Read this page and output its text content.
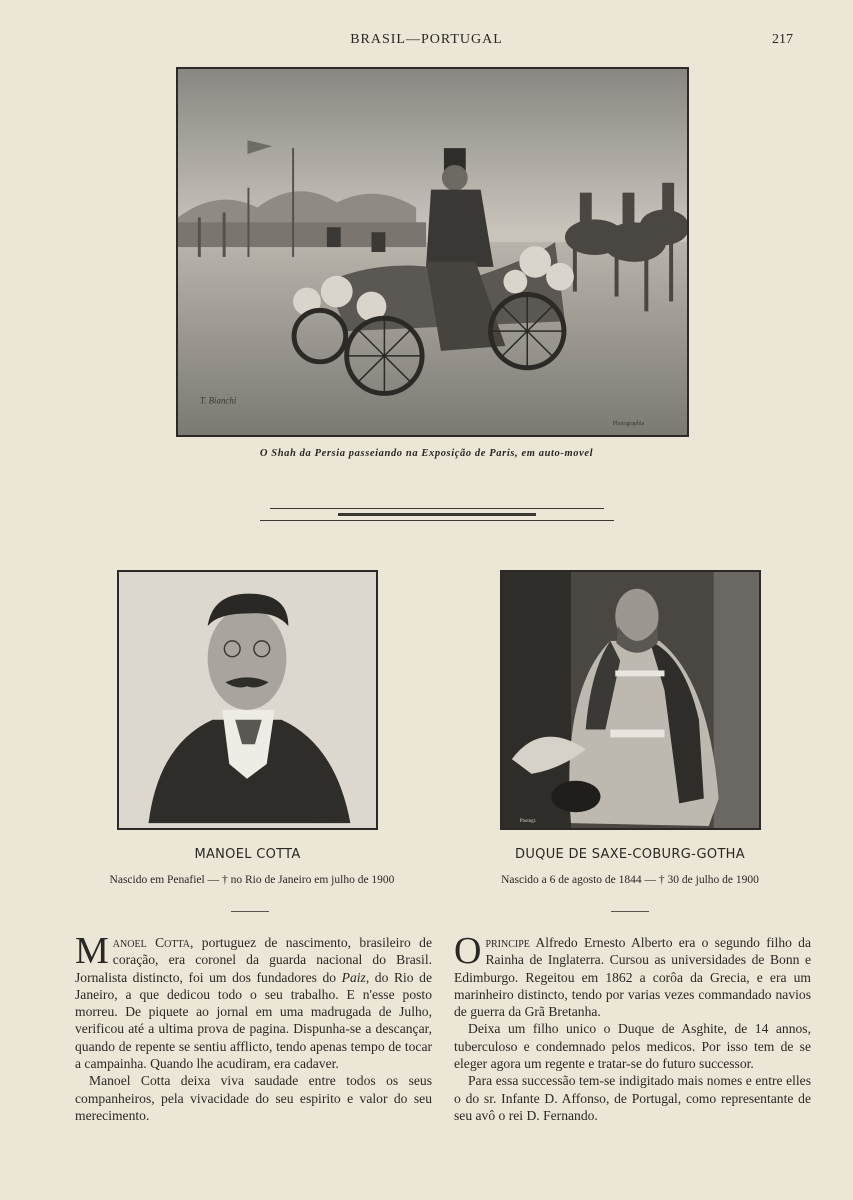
BRASIL—PORTUGAL	217
T. Bianchi
Photographia
O Shah da Persia passeiando na Exposição de Paris, em auto-movel
Photogr.	Photogr.
MANOEL COTTA
Nascido em Penafiel — † no Rio de Janeiro em julho de 1900
DUQUE DE SAXE-COBURG-GOTHA
Nascido a 6 de agosto de 1844 — † 30 de julho de 1900

Manoel Cotta, portuguez de nascimento, brasileiro de coração, era coronel da guarda nacional do Brasil. Jornalista distincto, foi um dos fundadores do Paiz, do Rio de Janeiro, a que dedicou todo o seu trabalho. E n'esse posto morreu. De piquete ao jornal em uma madrugada de Julho, verificou até a ultima prova de pagina. Dispunha-se a descançar, quando de repente se sentiu afflicto, tendo apenas tempo de tocar a campainha. Quando lhe acudiram, era cadaver.

Manoel Cotta deixa viva saudade entre todos os seus companheiros, pela vivacidade do seu espirito e valor do seu merecimento.

Oprincipe Alfredo Ernesto Alberto era o segundo filho da Rainha de Inglaterra. Cursou as universidades de Bonn e Edimburgo. Regeitou em 1862 a corôa da Grecia, e era um marinheiro distincto, tendo por varias vezes commandado navios de guerra da Grã Bretanha.

Deixa um filho unico o Duque de Asghite, de 14 annos, tuberculoso e condemnado pelos medicos. Por isso tem de se eleger agora um regente e tratar-se do futuro successor.

Para essa successão tem-se indigitado mais nomes e entre elles o do sr. Infante D. Affonso, de Portugal, como representante de seu avô o rei D. Fernando.
